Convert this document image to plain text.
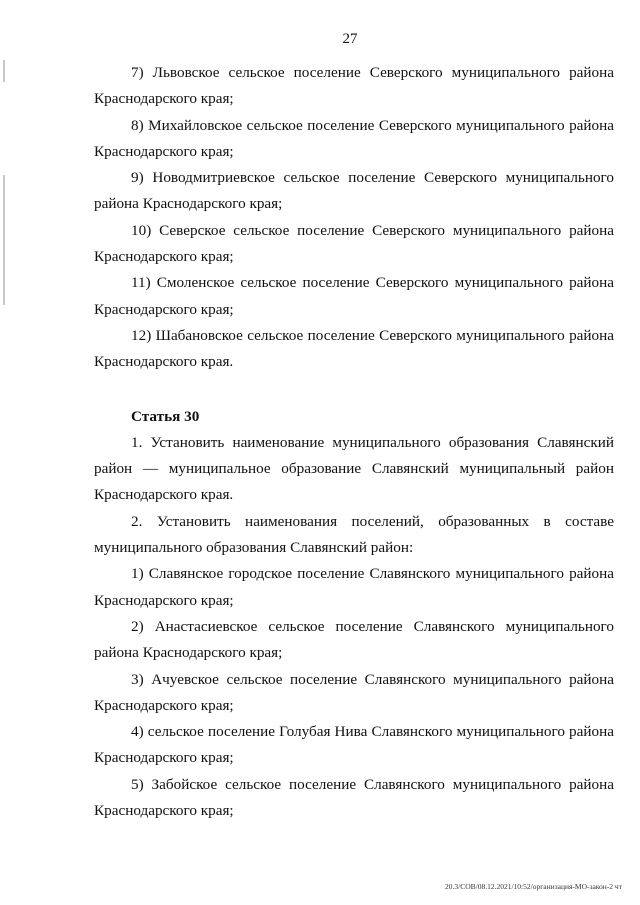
27

7) Львовское сельское поселение Северского муниципального района Краснодарского края;

8) Михайловское сельское поселение Северского муниципального района Краснодарского края;

9) Новодмитриевское сельское поселение Северского муниципального района Краснодарского края;

10) Северское сельское поселение Северского муниципального района Краснодарского края;

11) Смоленское сельское поселение Северского муниципального района Краснодарского края;

12) Шабановское сельское поселение Северского муниципального района Краснодарского края.

Статья 30

1. Установить наименование муниципального образования Славянский район — муниципальное образование Славянский муниципальный район Краснодарского края.

2. Установить наименования поселений, образованных в составе муниципального образования Славянский район:

1) Славянское городское поселение Славянского муниципального района Краснодарского края;

2) Анастасиевское сельское поселение Славянского муниципального района Краснодарского края;

3) Ачуевское сельское поселение Славянского муниципального района Краснодарского края;

4) сельское поселение Голубая Нива Славянского муниципального района Краснодарского края;

5) Забойское сельское поселение Славянского муниципального района Краснодарского края;

20.3/СОВ/08.12.2021/10:52/организация-МО-закон-2 чт
